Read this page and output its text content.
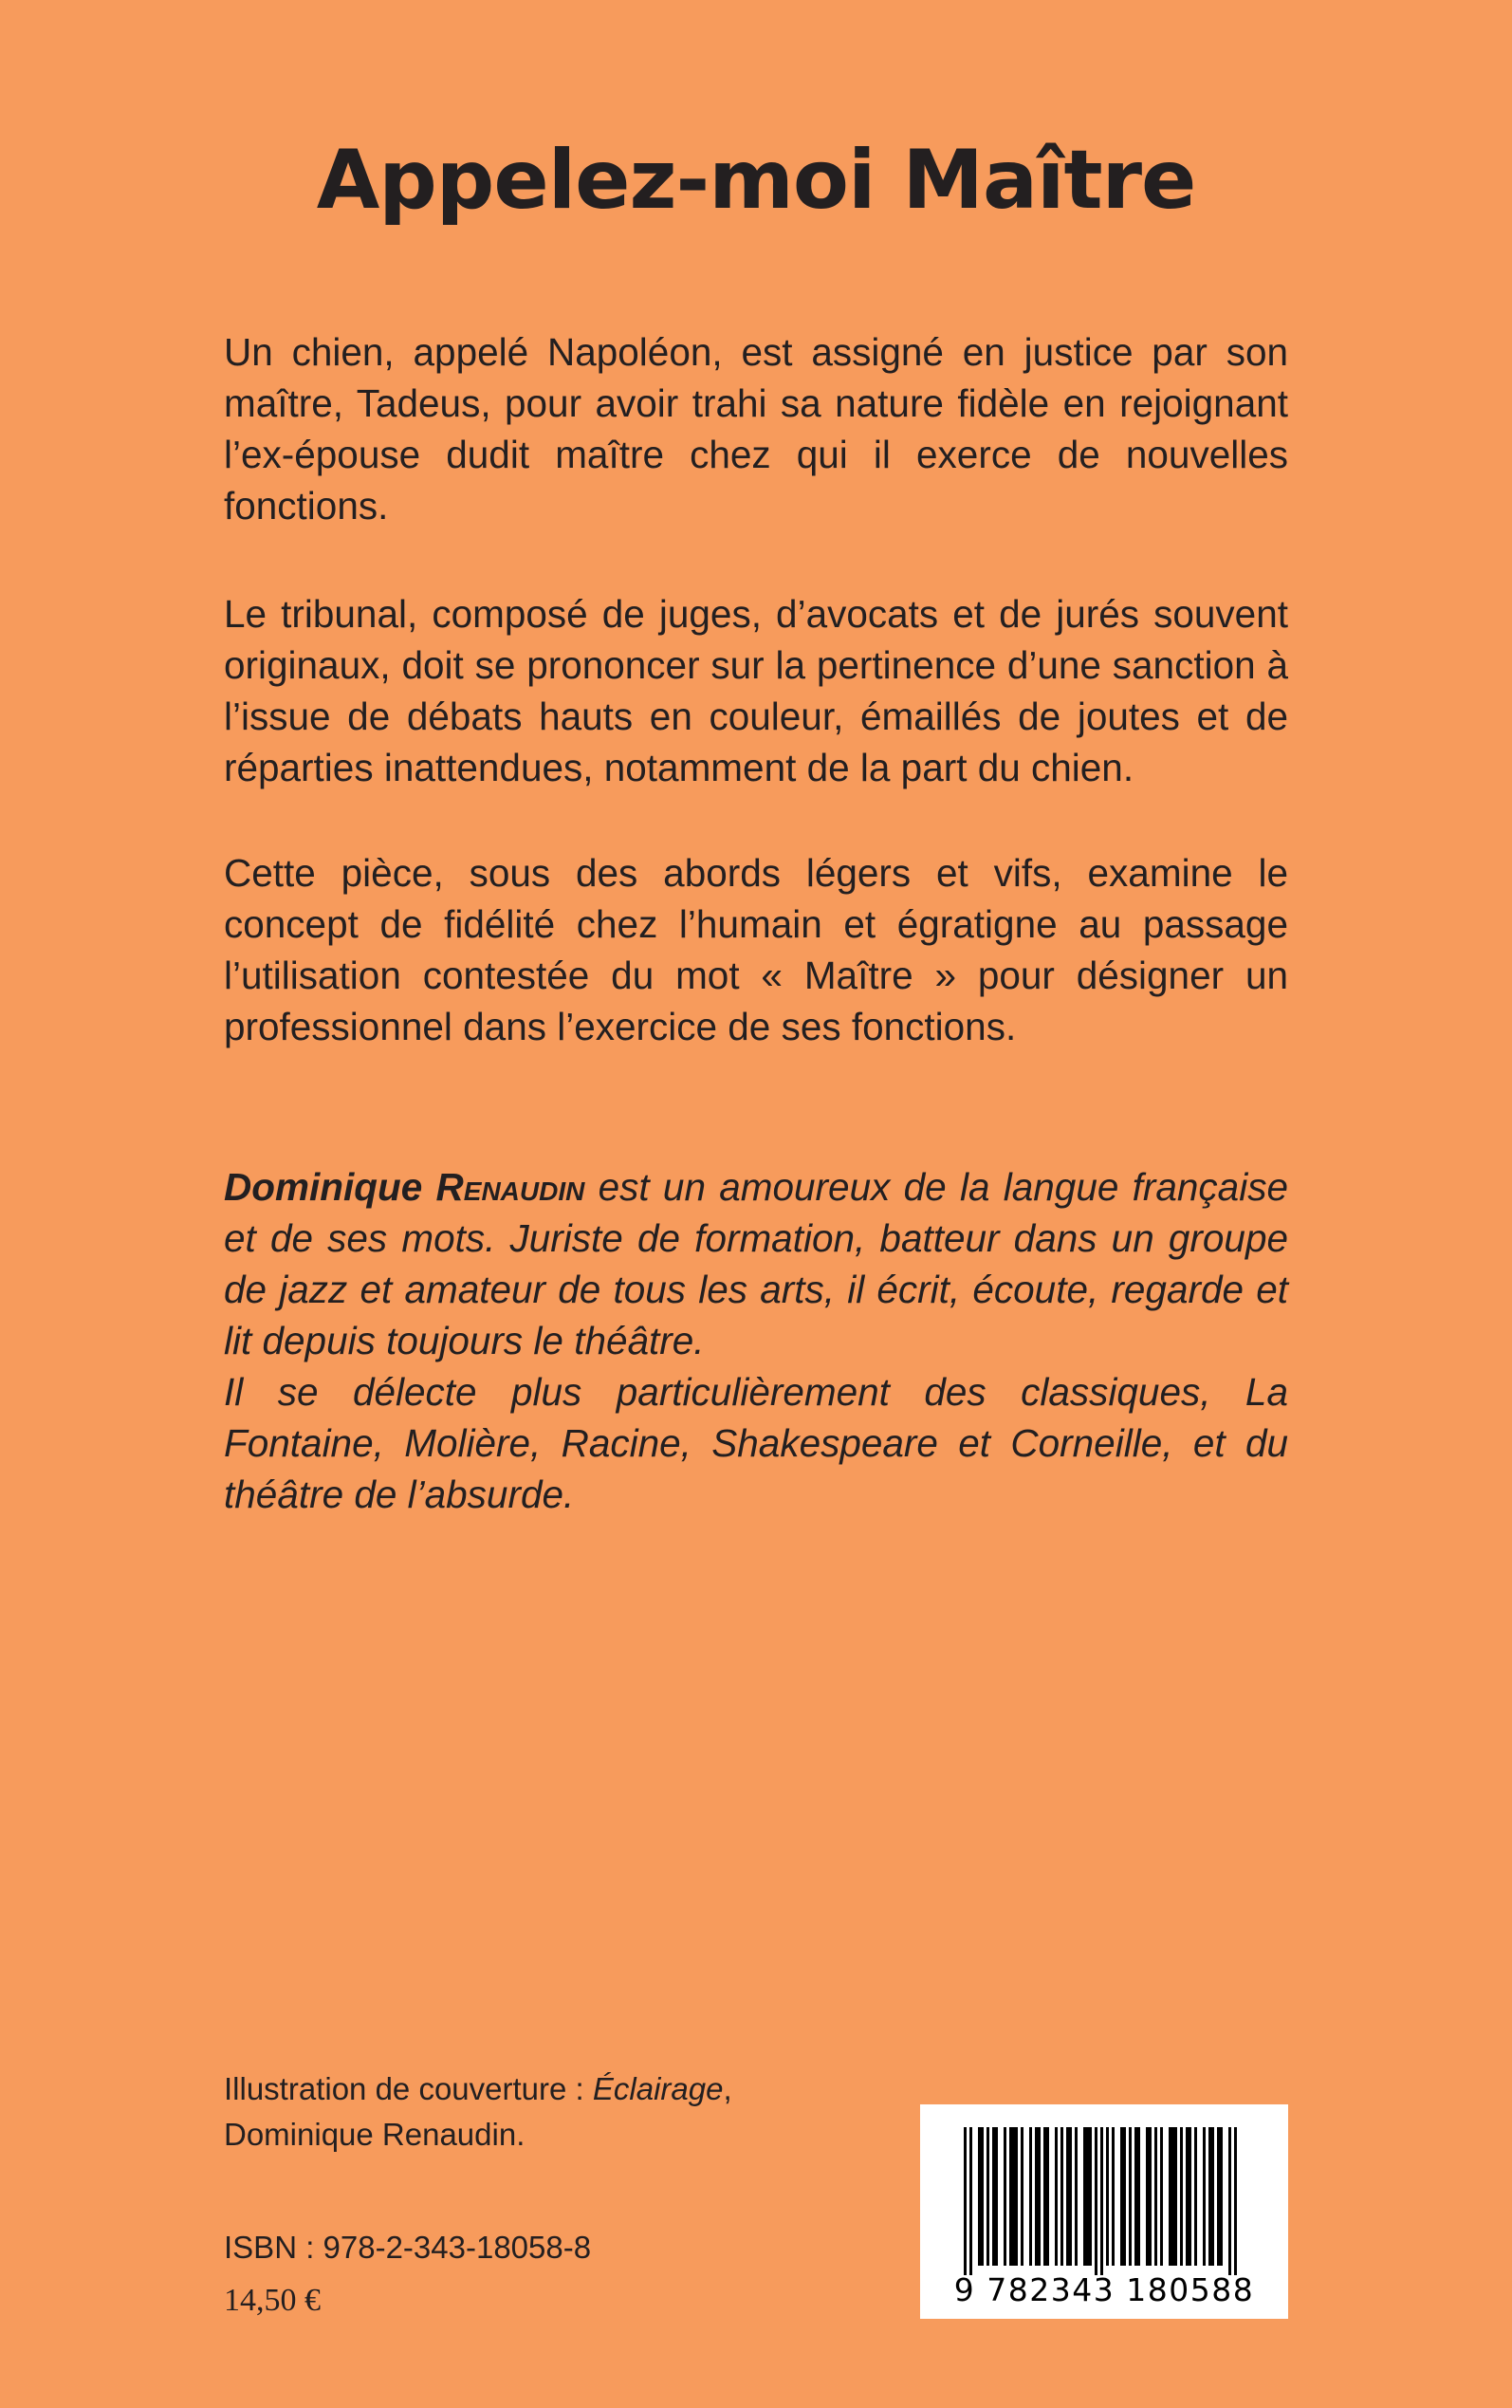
Appelez-moi Maître

Un chien, appelé Napoléon, est assigné en justice par son maître, Tadeus, pour avoir trahi sa nature fidèle en rejoignant l’ex-épouse dudit maître chez qui il exerce de nouvelles fonctions.

Le tribunal, composé de juges, d’avocats et de jurés souvent originaux, doit se prononcer sur la pertinence d’une sanction à l’issue de débats hauts en couleur, émaillés de joutes et de réparties inattendues, notamment de la part du chien.

Cette pièce, sous des abords légers et vifs, examine le concept de fidélité chez l’humain et égratigne au passage l’utilisation contestée du mot « Maître » pour désigner un professionnel dans l’exercice de ses fonctions.

Dominique Renaudin est un amoureux de la langue française et de ses mots. Juriste de formation, batteur dans un groupe de jazz et amateur de tous les arts, il écrit, écoute, regarde et lit depuis toujours le théâtre.

Il se délecte plus particulièrement des classiques, La Fontaine, Molière, Racine, Shakespeare et Corneille, et du théâtre de l’absurde.

Illustration de couverture : Éclairage,
Dominique Renaudin.
ISBN : 978-2-343-18058-8
14,50 €	9 782343 180588
